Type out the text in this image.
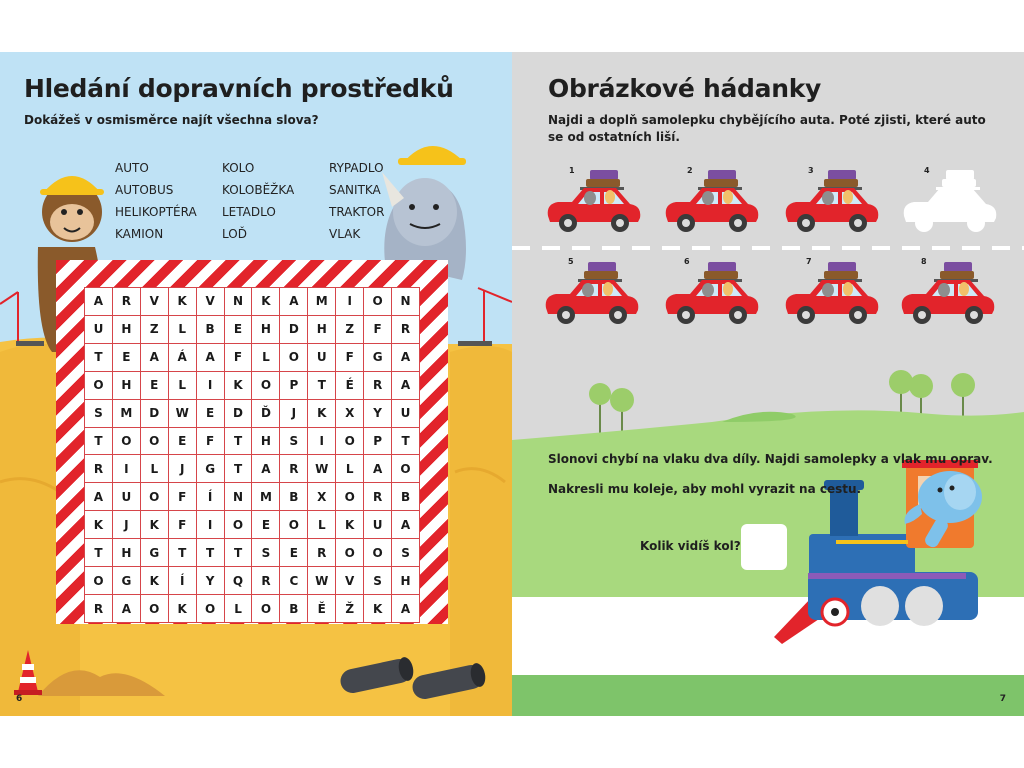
Hledání dopravních prostředků
Dokážeš v osmisměrce najít všechna slova?
AUTO
AUTOBUS
HELIKOPTÉRA
KAMION
KOLO
KOLOBĚŽKA
LETADLO
LOĎ
RYPADLO
SANITKA
TRAKTOR
VLAK
A	R	V	K	V	N	K	A	M	I	O	N
U	H	Z	L	B	E	H	D	H	Z	F	R
T	E	A	Á	A	F	L	O	U	F	G	A
O	H	E	L	I	K	O	P	T	É	R	A
S	M	D	W	E	D	Ď	J	K	X	Y	U
T	O	O	E	F	T	H	S	I	O	P	T
R	I	L	J	G	T	A	R	W	L	A	O
A	U	O	F	Í	N	M	B	X	O	R	B
K	J	K	F	I	O	E	O	L	K	U	A
T	H	G	T	T	T	S	E	R	O	O	S
O	G	K	Í	Y	Q	R	C	W	V	S	H
R	A	O	K	O	L	O	B	Ě	Ž	K	A
6
Obrázkové hádanky
Najdi a doplň samolepku chybějícího auta. Poté zjisti, které auto
se od ostatních liší.
1	2	3	4
5	6	7	8
Slonovi chybí na vlaku dva díly. Najdi samolepky a vlak mu oprav.
Nakresli mu koleje, aby mohl vyrazit na cestu.
Kolik vidíš kol?
7
